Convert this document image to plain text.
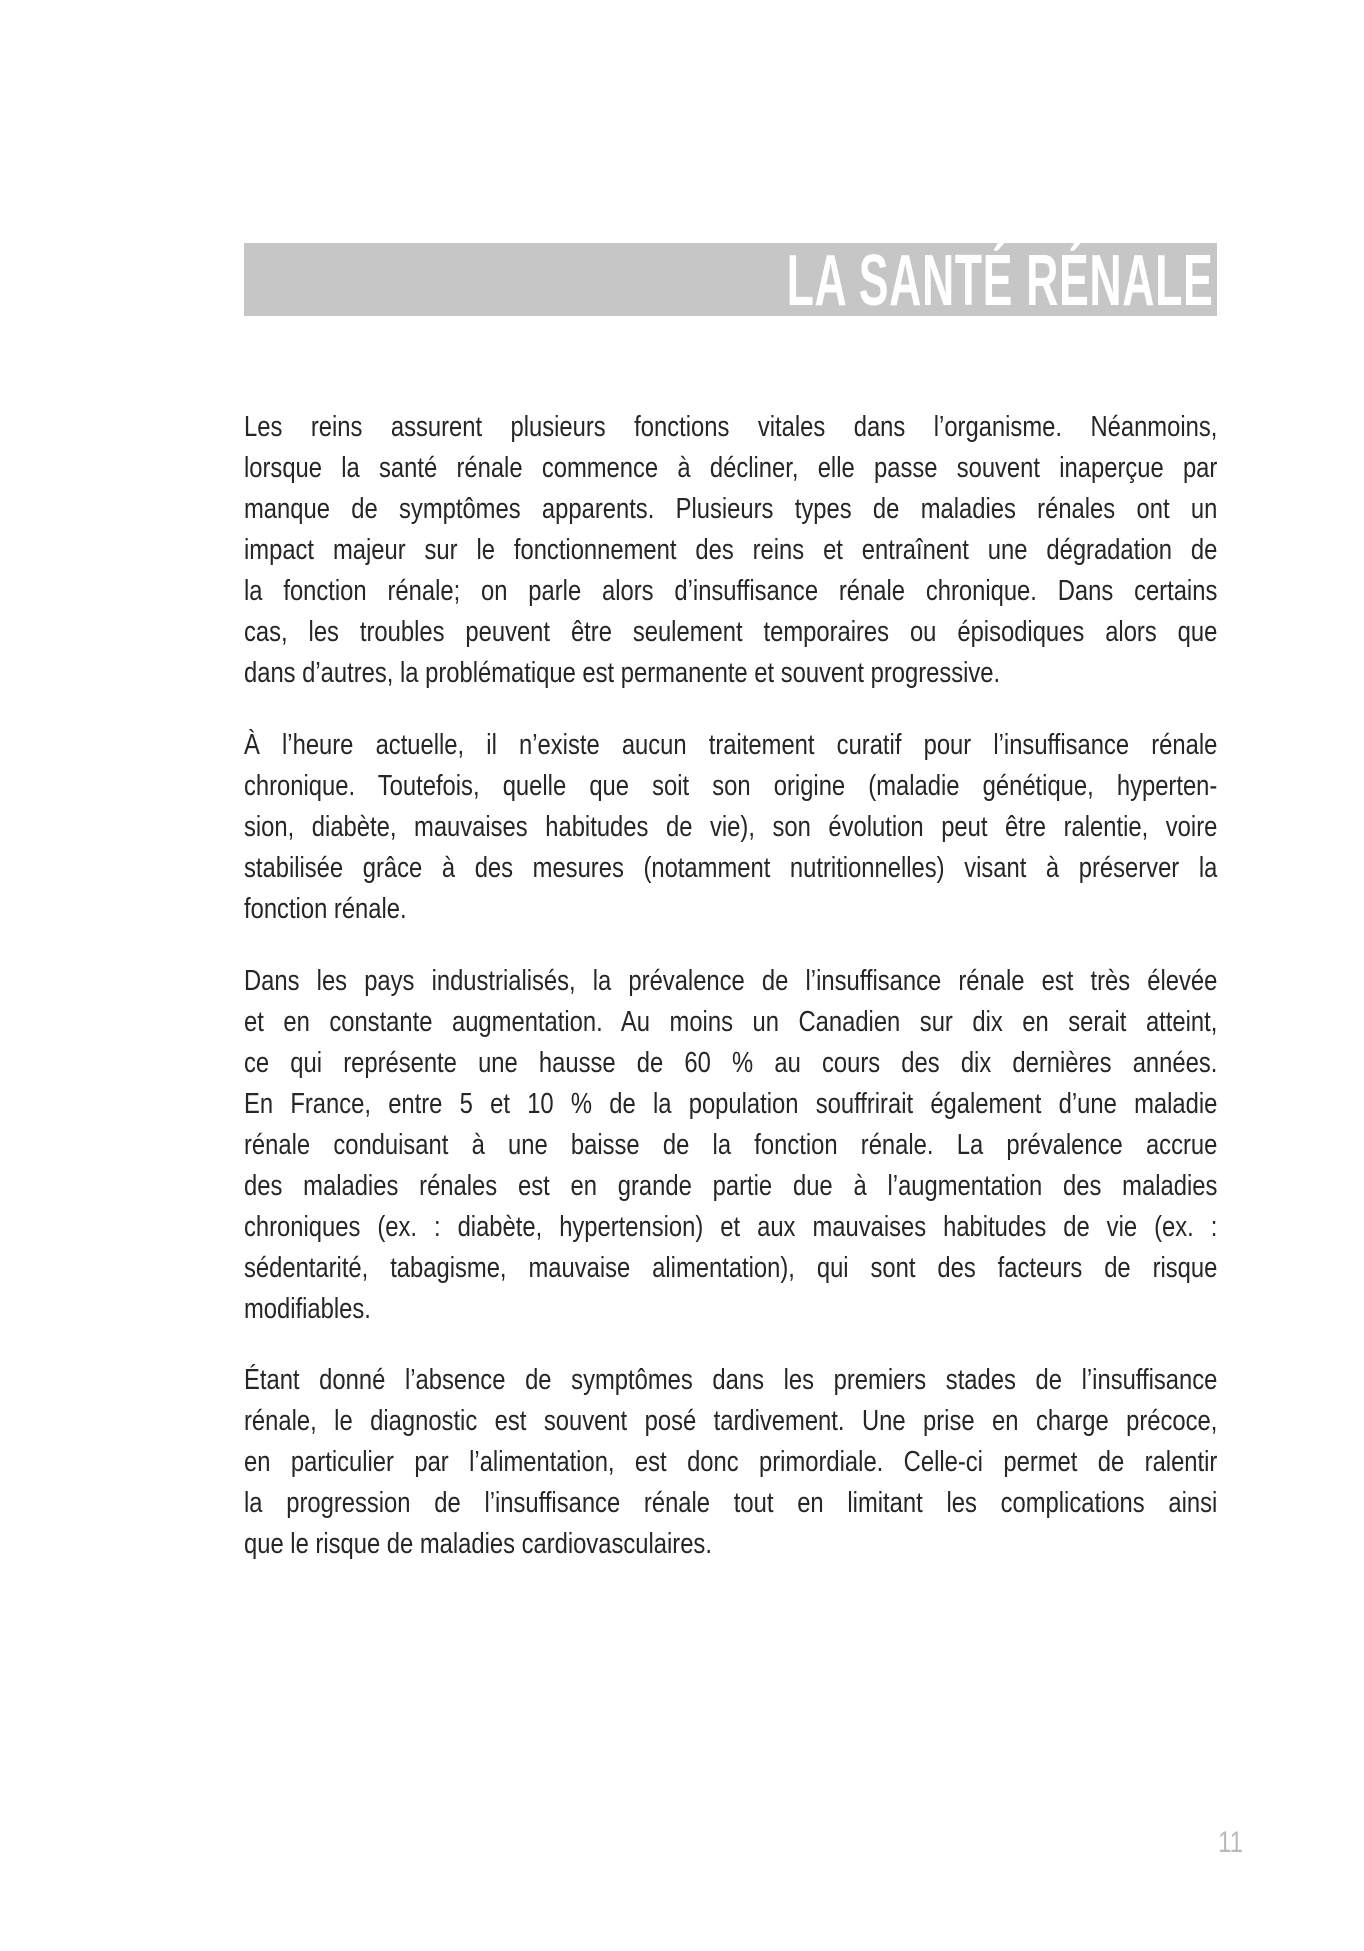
LA SANTÉ RÉNALE
Les reins assurent plusieurs fonctions vitales dans l’organisme. Néanmoins,
lorsque la santé rénale commence à décliner, elle passe souvent inaperçue par
manque de symptômes apparents. Plusieurs types de maladies rénales ont un
impact majeur sur le fonctionnement des reins et entraînent une dégradation de
la fonction rénale; on parle alors d’insuffisance rénale chronique. Dans certains
cas, les troubles peuvent être seulement temporaires ou épisodiques alors que
dans d’autres, la problématique est permanente et souvent progressive.
À l’heure actuelle, il n’existe aucun traitement curatif pour l’insuffisance rénale
chronique. Toutefois, quelle que soit son origine (maladie génétique, hyperten-
sion, diabète, mauvaises habitudes de vie), son évolution peut être ralentie, voire
stabilisée grâce à des mesures (notamment nutritionnelles) visant à préserver la
fonction rénale.
Dans les pays industrialisés, la prévalence de l’insuffisance rénale est très élevée
et en constante augmentation. Au moins un Canadien sur dix en serait atteint,
ce qui représente une hausse de 60 % au cours des dix dernières années.
En France, entre 5 et 10 % de la population souffrirait également d’une maladie
rénale conduisant à une baisse de la fonction rénale. La prévalence accrue
des maladies rénales est en grande partie due à l’augmentation des maladies
chroniques (ex. : diabète, hypertension) et aux mauvaises habitudes de vie (ex. :
sédentarité, tabagisme, mauvaise alimentation), qui sont des facteurs de risque
modifiables.
Étant donné l’absence de symptômes dans les premiers stades de l’insuffisance
rénale, le diagnostic est souvent posé tardivement. Une prise en charge précoce,
en particulier par l’alimentation, est donc primordiale. Celle-ci permet de ralentir
la progression de l’insuffisance rénale tout en limitant les complications ainsi
que le risque de maladies cardiovasculaires.
11
